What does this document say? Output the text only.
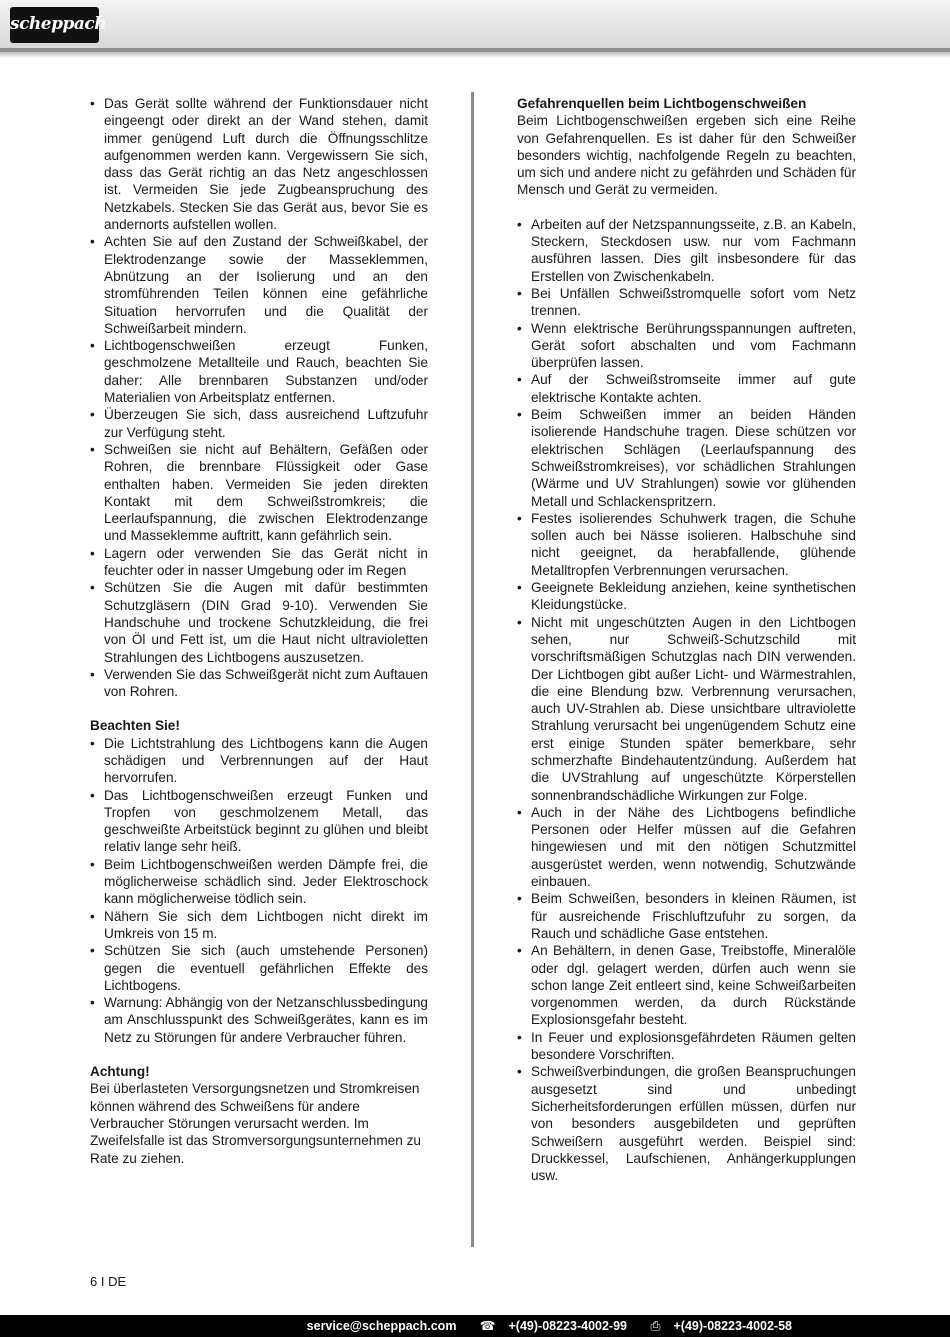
scheppach
• Das Gerät sollte während der Funktionsdauer nicht eingeengt oder direkt an der Wand stehen, damit immer genügend Luft durch die Öffnungsschlitze aufgenommen werden kann. Vergewissern Sie sich, dass das Gerät richtig an das Netz angeschlossen ist. Vermeiden Sie jede Zugbeanspruchung des Netzkabels. Stecken Sie das Gerät aus, bevor Sie es andernorts aufstellen wollen.
• Achten Sie auf den Zustand der Schweißkabel, der Elektrodenzange sowie der Masseklemmen, Abnützung an der Isolierung und an den stromführenden Teilen können eine gefährliche Situation hervorrufen und die Qualität der Schweißarbeit mindern.
• Lichtbogenschweißen erzeugt Funken, geschmolzene Metallteile und Rauch, beachten Sie daher: Alle brennbaren Substanzen und/oder Materialien von Arbeitsplatz entfernen.
• Überzeugen Sie sich, dass ausreichend Luftzufuhr zur Verfügung steht.
• Schweißen sie nicht auf Behältern, Gefäßen oder Rohren, die brennbare Flüssigkeit oder Gase enthalten haben. Vermeiden Sie jeden direkten Kontakt mit dem Schweißstromkreis; die Leerlaufspannung, die zwischen Elektrodenzange und Masseklemme auftritt, kann gefährlich sein.
• Lagern oder verwenden Sie das Gerät nicht in feuchter oder in nasser Umgebung oder im Regen
• Schützen Sie die Augen mit dafür bestimmten Schutzgläsern (DIN Grad 9-10). Verwenden Sie Handschuhe und trockene Schutzkleidung, die frei von Öl und Fett ist, um die Haut nicht ultravioletten Strahlungen des Lichtbogens auszusetzen.
• Verwenden Sie das Schweißgerät nicht zum Auftauen von Rohren.

Beachten Sie!

• Die Lichtstrahlung des Lichtbogens kann die Augen schädigen und Verbrennungen auf der Haut hervorrufen.
• Das Lichtbogenschweißen erzeugt Funken und Tropfen von geschmolzenem Metall, das geschweißte Arbeitstück beginnt zu glühen und bleibt relativ lange sehr heiß.
• Beim Lichtbogenschweißen werden Dämpfe frei, die möglicherweise schädlich sind. Jeder Elektroschock kann möglicherweise tödlich sein.
• Nähern Sie sich dem Lichtbogen nicht direkt im Umkreis von 15 m.
• Schützen Sie sich (auch umstehende Personen) gegen die eventuell gefährlichen Effekte des Lichtbogens.
• Warnung: Abhängig von der Netzanschlussbedingung am Anschlusspunkt des Schweißgerätes, kann es im Netz zu Störungen für andere Verbraucher führen.

Achtung!

Bei überlasteten Versorgungsnetzen und Stromkreisen können während des Schweißens für andere Verbraucher Störungen verursacht werden. Im Zweifelsfalle ist das Stromversorgungsunternehmen zu Rate zu ziehen.

Gefahrenquellen beim Lichtbogenschweißen

Beim Lichtbogenschweißen ergeben sich eine Reihe von Gefahrenquellen. Es ist daher für den Schweißer besonders wichtig, nachfolgende Regeln zu beachten, um sich und andere nicht zu gefährden und Schäden für Mensch und Gerät zu vermeiden.

• Arbeiten auf der Netzspannungsseite, z.B. an Kabeln, Steckern, Steckdosen usw. nur vom Fachmann ausführen lassen. Dies gilt insbesondere für das Erstellen von Zwischenkabeln.
• Bei Unfällen Schweißstromquelle sofort vom Netz trennen.
• Wenn elektrische Berührungsspannungen auftreten, Gerät sofort abschalten und vom Fachmann überprüfen lassen.
• Auf der Schweißstromseite immer auf gute elektrische Kontakte achten.
• Beim Schweißen immer an beiden Händen isolierende Handschuhe tragen. Diese schützen vor elektrischen Schlägen (Leerlaufspannung des Schweißstromkreises), vor schädlichen Strahlungen (Wärme und UV Strahlungen) sowie vor glühenden Metall und Schlackenspritzern.
• Festes isolierendes Schuhwerk tragen, die Schuhe sollen auch bei Nässe isolieren. Halbschuhe sind nicht geeignet, da herabfallende, glühende Metalltropfen Verbrennungen verursachen.
• Geeignete Bekleidung anziehen, keine synthetischen Kleidungstücke.
• Nicht mit ungeschützten Augen in den Lichtbogen sehen, nur Schweiß-Schutzschild mit vorschriftsmäßigen Schutzglas nach DIN verwenden. Der Lichtbogen gibt außer Licht- und Wärmestrahlen, die eine Blendung bzw. Verbrennung verursachen, auch UV-Strahlen ab. Diese unsichtbare ultraviolette Strahlung verursacht bei ungenügendem Schutz eine erst einige Stunden später bemerkbare, sehr schmerzhafte Bindehautentzündung. Außerdem hat die UVStrahlung auf ungeschützte Körperstellen sonnenbrandschädliche Wirkungen zur Folge.
• Auch in der Nähe des Lichtbogens befindliche Personen oder Helfer müssen auf die Gefahren hingewiesen und mit den nötigen Schutzmittel ausgerüstet werden, wenn notwendig, Schutzwände einbauen.
• Beim Schweißen, besonders in kleinen Räumen, ist für ausreichende Frischluftzufuhr zu sorgen, da Rauch und schädliche Gase entstehen.
• An Behältern, in denen Gase, Treibstoffe, Mineralöle oder dgl. gelagert werden, dürfen auch wenn sie schon lange Zeit entleert sind, keine Schweißarbeiten vorgenommen werden, da durch Rückstände Explosionsgefahr besteht.
• In Feuer und explosionsgefährdeten Räumen gelten besondere Vorschriften.
• Schweißverbindungen, die großen Beanspruchungen ausgesetzt sind und unbedingt Sicherheitsforderungen erfüllen müssen, dürfen nur von besonders ausgebildeten und geprüften Schweißern ausgeführt werden. Beispiel sind: Druckkessel, Laufschienen, Anhängerkupplungen usw.
6 I DE
service@scheppach.com ☎ +(49)-08223-4002-99 ⎙ +(49)-08223-4002-58
